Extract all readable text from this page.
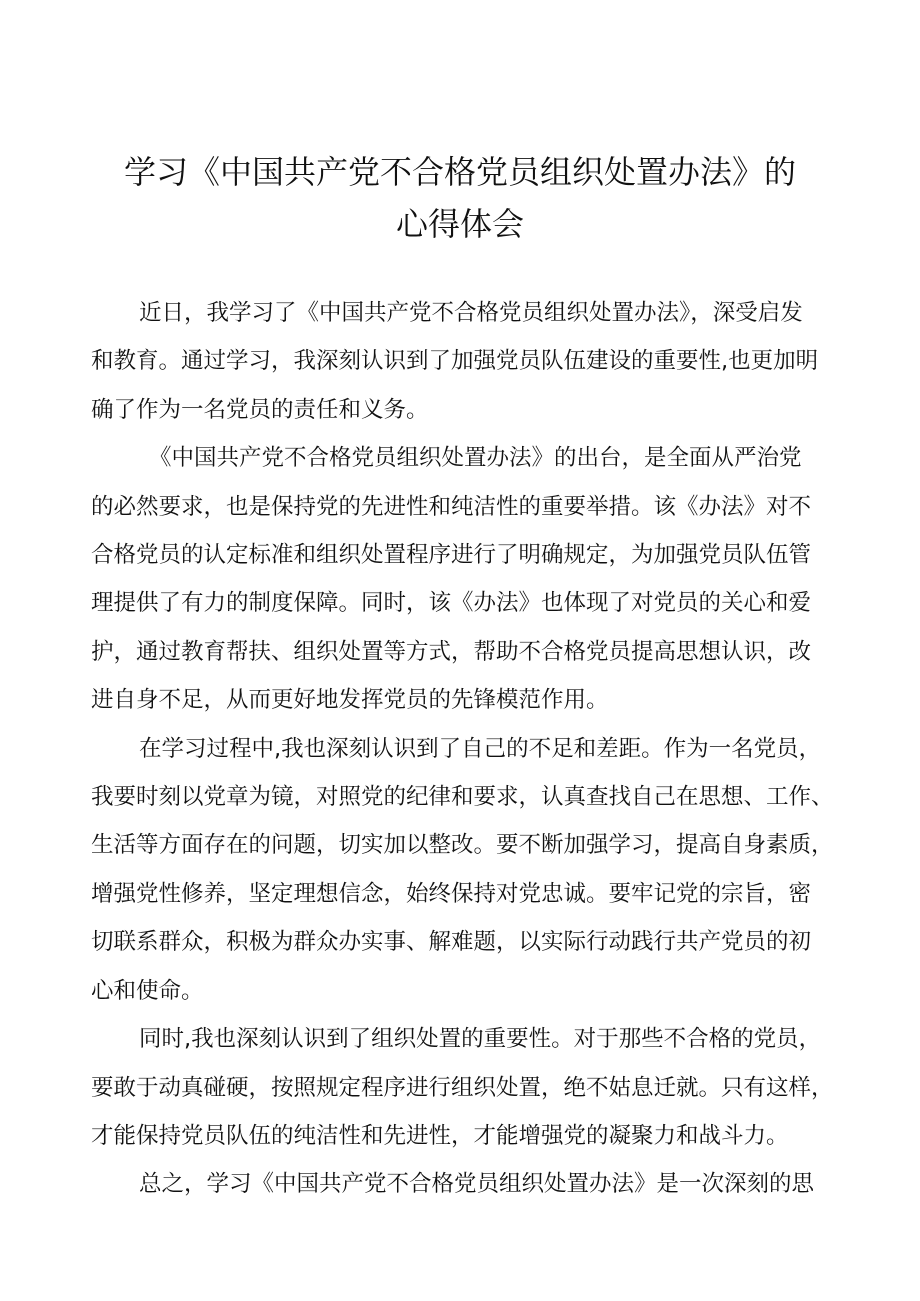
学习《中国共产党不合格党员组织处置办法》的
心得体会

近日，我学习了《中国共产党不合格党员组织处置办法》，深受启发
和教育。通过学习，我深刻认识到了加强党员队伍建设的重要性,也更加明
确了作为一名党员的责任和义务。

《中国共产党不合格党员组织处置办法》的出台，是全面从严治党
的必然要求，也是保持党的先进性和纯洁性的重要举措。该《办法》对不
合格党员的认定标准和组织处置程序进行了明确规定，为加强党员队伍管
理提供了有力的制度保障。同时，该《办法》也体现了对党员的关心和爱
护，通过教育帮扶、组织处置等方式，帮助不合格党员提高思想认识，改
进自身不足，从而更好地发挥党员的先锋模范作用。

在学习过程中,我也深刻认识到了自己的不足和差距。作为一名党员，
我要时刻以党章为镜，对照党的纪律和要求，认真查找自己在思想、工作、
生活等方面存在的问题，切实加以整改。要不断加强学习，提高自身素质，
增强党性修养，坚定理想信念，始终保持对党忠诚。要牢记党的宗旨，密
切联系群众，积极为群众办实事、解难题，以实际行动践行共产党员的初
心和使命。

同时,我也深刻认识到了组织处置的重要性。对于那些不合格的党员，
要敢于动真碰硬，按照规定程序进行组织处置，绝不姑息迁就。只有这样，
才能保持党员队伍的纯洁性和先进性，才能增强党的凝聚力和战斗力。

总之，学习《中国共产党不合格党员组织处置办法》是一次深刻的思
